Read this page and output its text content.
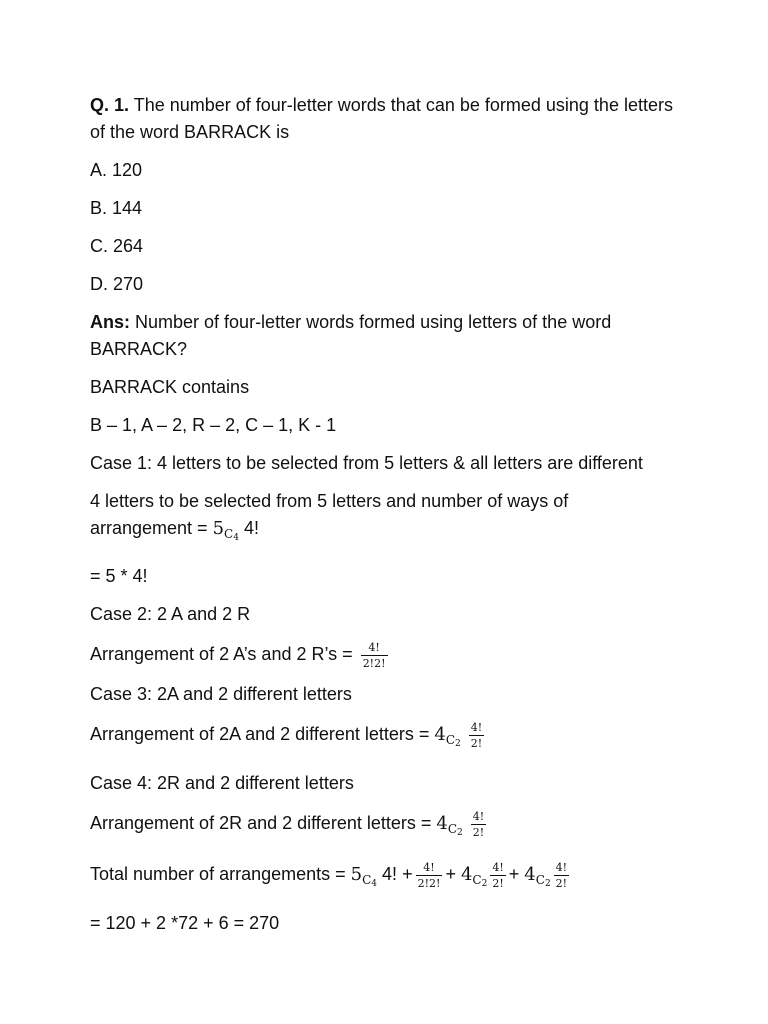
Q. 1. The number of four-letter words that can be formed using the letters of the word BARRACK is

A. 120

B. 144

C. 264

D. 270

Ans: Number of four-letter words formed using letters of the word BARRACK?

BARRACK contains

B – 1, A – 2, R – 2, C – 1, K - 1

Case 1: 4 letters to be selected from 5 letters & all letters are different

4 letters to be selected from 5 letters and number of ways of
arrangement = $5_{C4}$ 4!

= 5 * 4!

Case 2: 2 A and 2 R

Arrangement of 2 A’s and 2 R’s = $\frac{4!}{2!2!}$

Case 3: 2A and 2 different letters

Arrangement of 2A and 2 different letters = $4_{C2} \frac{4!}{2!}$

Case 4: 2R and 2 different letters

Arrangement of 2R and 2 different letters = $4_{C2} \frac{4!}{2!}$

Total number of arrangements = $5_{C4}$ 4! + $\frac{4!}{2!2!} + 4_{C2} \frac{4!}{2!} + 4_{C2} \frac{4!}{2!}$

= 120 + 2 *72 + 6 = 270
